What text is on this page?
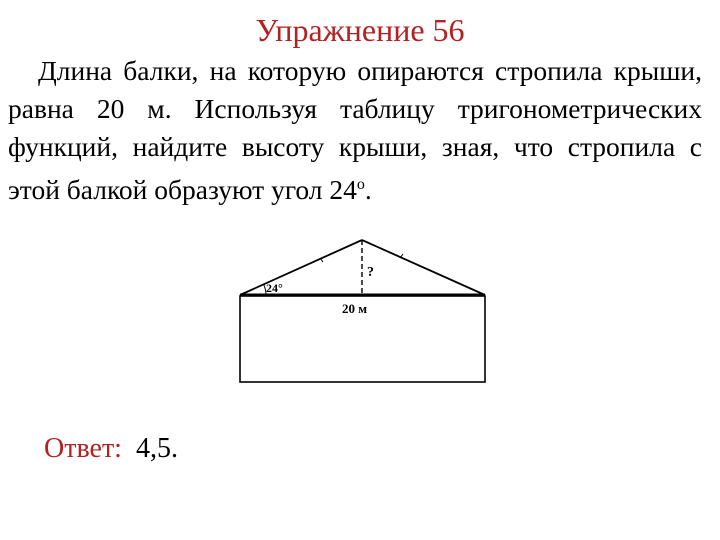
Упражнение 56
Длина балки, на которую опираются стропила крыши, равна 20 м. Используя таблицу тригонометрических функций, найдите высоту крыши, зная, что стропила с этой балкой образуют угол $24^о$.
24°
?
20 м
Ответ: 4,5.
